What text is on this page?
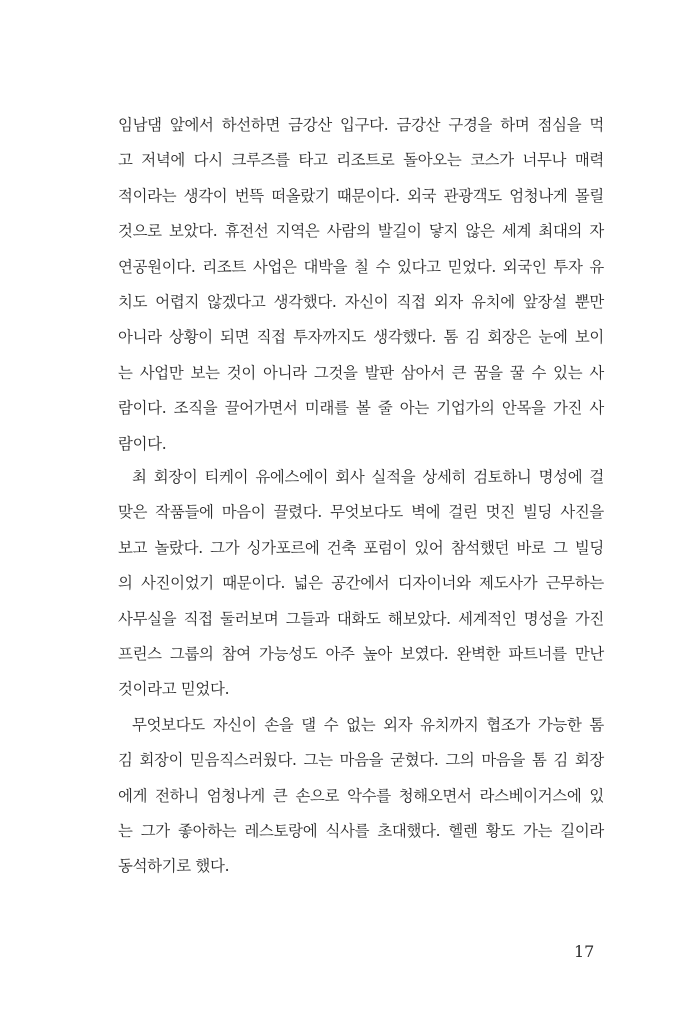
임남댐 앞에서 하선하면 금강산 입구다. 금강산 구경을 하며 점심을 먹
고 저녁에 다시 크루즈를 타고 리조트로 돌아오는 코스가 너무나 매력
적이라는 생각이 번뜩 떠올랐기 때문이다. 외국 관광객도 엄청나게 몰릴
것으로 보았다. 휴전선 지역은 사람의 발길이 닿지 않은 세계 최대의 자
연공원이다. 리조트 사업은 대박을 칠 수 있다고 믿었다. 외국인 투자 유
치도 어렵지 않겠다고 생각했다. 자신이 직접 외자 유치에 앞장설 뿐만
아니라 상황이 되면 직접 투자까지도 생각했다. 톰 김 회장은 눈에 보이
는 사업만 보는 것이 아니라 그것을 발판 삼아서 큰 꿈을 꿀 수 있는 사
람이다. 조직을 끌어가면서 미래를 볼 줄 아는 기업가의 안목을 가진 사
람이다.
최 회장이 티케이 유에스에이 회사 실적을 상세히 검토하니 명성에 걸
맞은 작품들에 마음이 끌렸다. 무엇보다도 벽에 걸린 멋진 빌딩 사진을
보고 놀랐다. 그가 싱가포르에 건축 포럼이 있어 참석했던 바로 그 빌딩
의 사진이었기 때문이다. 넓은 공간에서 디자이너와 제도사가 근무하는
사무실을 직접 둘러보며 그들과 대화도 해보았다. 세계적인 명성을 가진
프린스 그룹의 참여 가능성도 아주 높아 보였다. 완벽한 파트너를 만난
것이라고 믿었다.
무엇보다도 자신이 손을 댈 수 없는 외자 유치까지 협조가 가능한 톰
김 회장이 믿음직스러웠다. 그는 마음을 굳혔다. 그의 마음을 톰 김 회장
에게 전하니 엄청나게 큰 손으로 악수를 청해오면서 라스베이거스에 있
는 그가 좋아하는 레스토랑에 식사를 초대했다. 헬렌 황도 가는 길이라
동석하기로 했다.
17
